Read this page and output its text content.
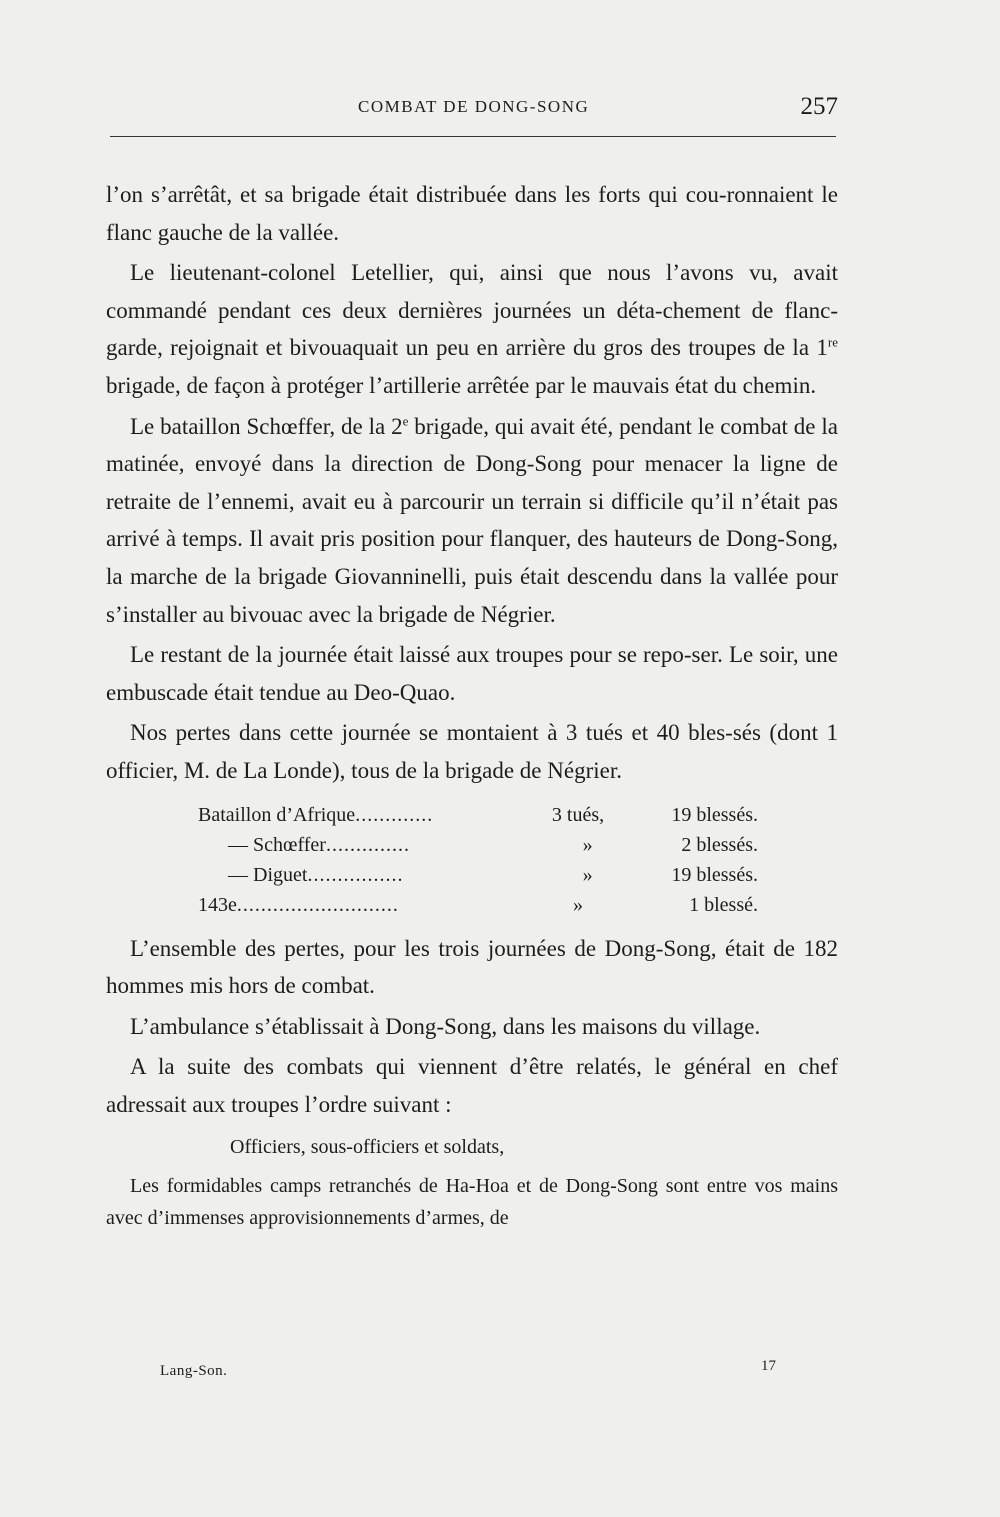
COMBAT DE DONG-SONG	257

l’on s’arrêtât, et sa brigade était distribuée dans les forts qui cou-ronnaient le flanc gauche de la vallée.

Le lieutenant-colonel Letellier, qui, ainsi que nous l’avons vu, avait commandé pendant ces deux dernières journées un déta-chement de flanc-garde, rejoignait et bivouaquait un peu en arrière du gros des troupes de la 1re brigade, de façon à protéger l’artillerie arrêtée par le mauvais état du chemin.

Le bataillon Schœffer, de la 2e brigade, qui avait été, pendant le combat de la matinée, envoyé dans la direction de Dong-Song pour menacer la ligne de retraite de l’ennemi, avait eu à parcourir un terrain si difficile qu’il n’était pas arrivé à temps. Il avait pris position pour flanquer, des hauteurs de Dong-Song, la marche de la brigade Giovanninelli, puis était descendu dans la vallée pour s’installer au bivouac avec la brigade de Négrier.

Le restant de la journée était laissé aux troupes pour se repo-ser. Le soir, une embuscade était tendue au Deo-Quao.

Nos pertes dans cette journée se montaient à 3 tués et 40 bles-sés (dont 1 officier, M. de La Londe), tous de la brigade de Négrier.

Bataillon d’Afrique.............	3 tués,	19 blessés.
— Schœffer..............	»	2 blessés.
— Diguet................	»	19 blessés.
143e...........................	»	1 blessé.

L’ensemble des pertes, pour les trois journées de Dong-Song, était de 182 hommes mis hors de combat.

L’ambulance s’établissait à Dong-Song, dans les maisons du village.

A la suite des combats qui viennent d’être relatés, le général en chef adressait aux troupes l’ordre suivant :

Officiers, sous-officiers et soldats,

Les formidables camps retranchés de Ha-Hoa et de Dong-Song sont entre vos mains avec d’immenses approvisionnements d’armes, de

Lang-Son.	17
